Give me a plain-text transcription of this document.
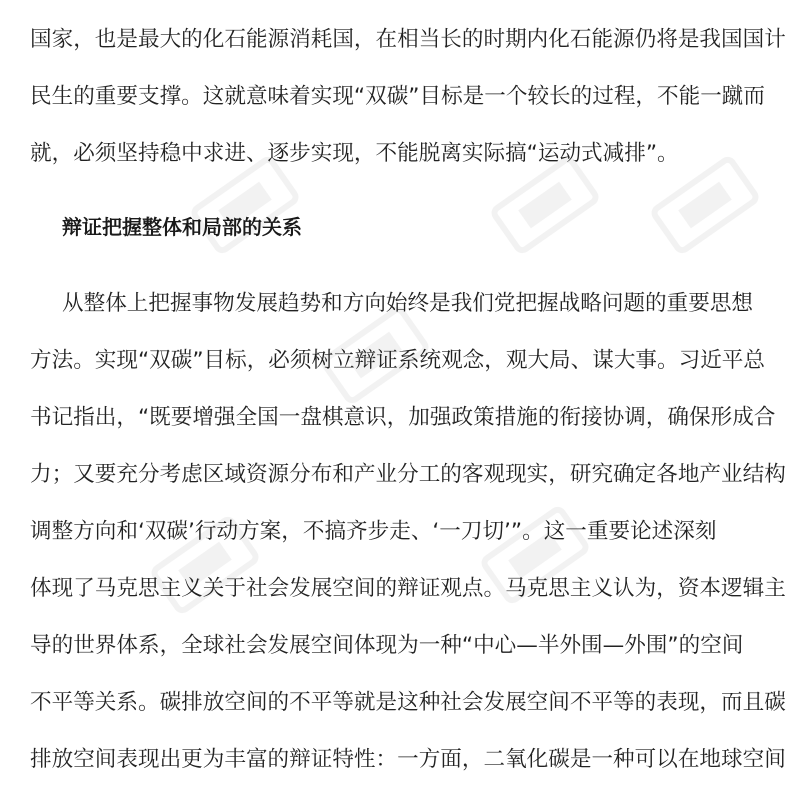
国家，也是最大的化石能源消耗国，在相当长的时期内化石能源仍将是我国国计
民生的重要支撑。这就意味着实现“双碳”目标是一个较长的过程，不能一蹴而
就，必须坚持稳中求进、逐步实现，不能脱离实际搞“运动式减排”。
辩证把握整体和局部的关系
从整体上把握事物发展趋势和方向始终是我们党把握战略问题的重要思想
方法。实现“双碳”目标，必须树立辩证系统观念，观大局、谋大事。习近平总
书记指出，“既要增强全国一盘棋意识，加强政策措施的衔接协调，确保形成合
力；又要充分考虑区域资源分布和产业分工的客观现实，研究确定各地产业结构
调整方向和‘双碳’行动方案，不搞齐步走、‘一刀切’”。这一重要论述深刻
体现了马克思主义关于社会发展空间的辩证观点。马克思主义认为，资本逻辑主
导的世界体系，全球社会发展空间体现为一种“中心—半外围—外围”的空间
不平等关系。碳排放空间的不平等就是这种社会发展空间不平等的表现，而且碳
排放空间表现出更为丰富的辩证特性：一方面，二氧化碳是一种可以在地球空间
